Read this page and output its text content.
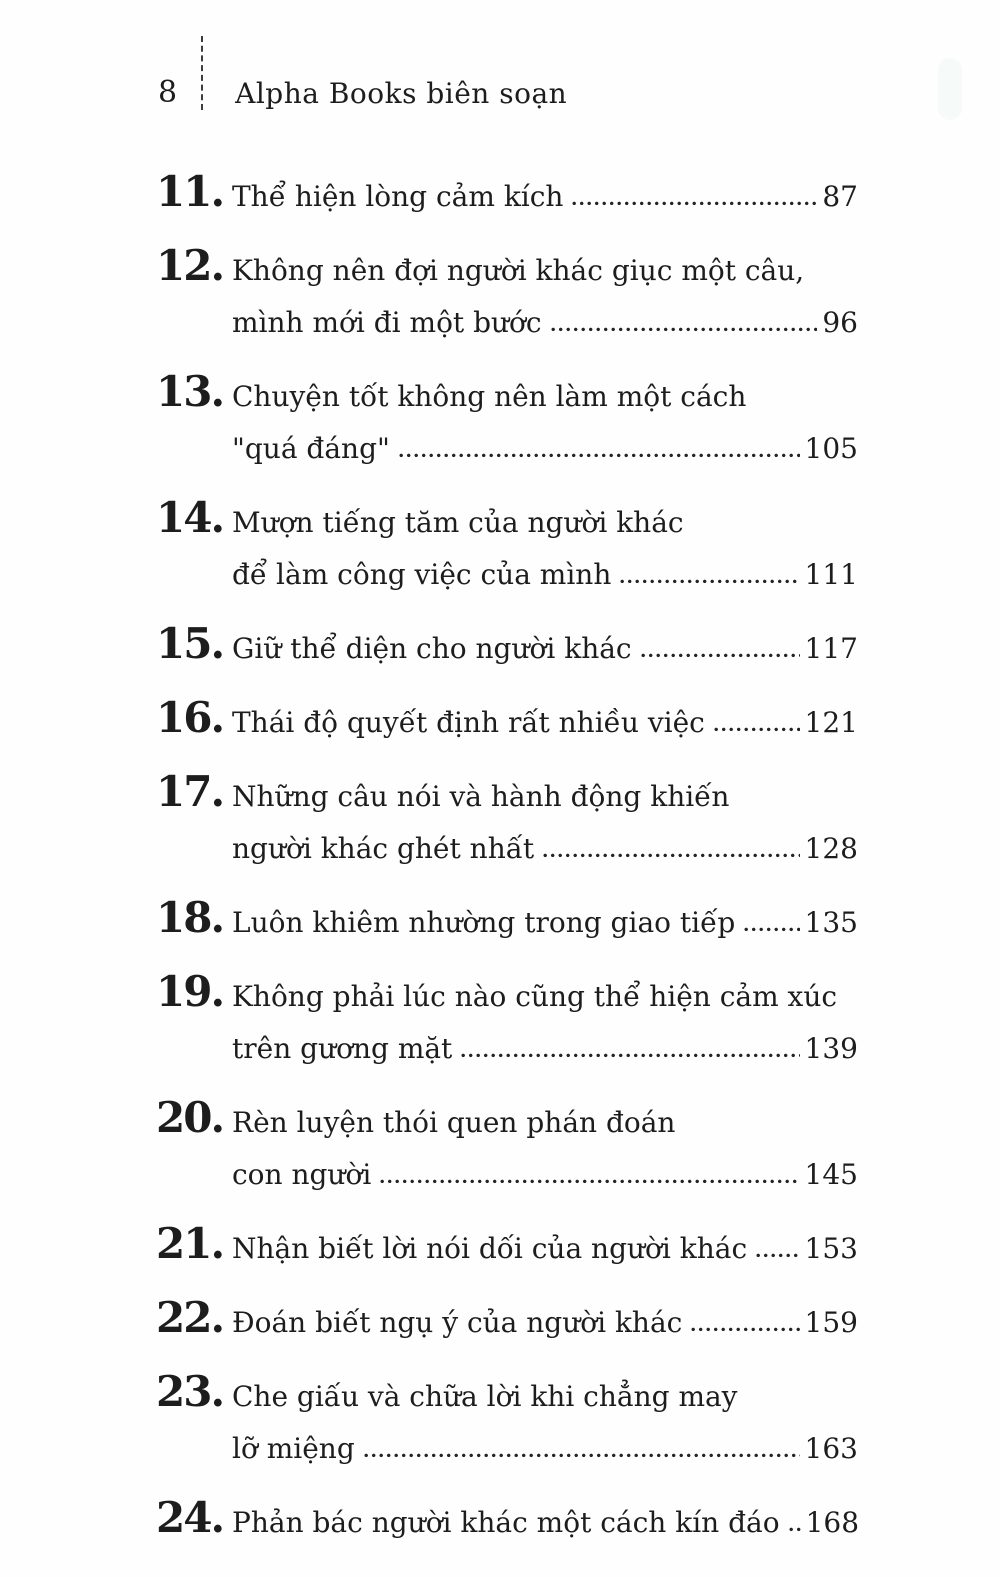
8 Alpha Books biên soạn
11. Thể hiện lòng cảm kích	87
12. Không nên đợi người khác giục một câu,
mình mới đi một bước	96
13. Chuyện tốt không nên làm một cách
"quá đáng"	105
14. Mượn tiếng tăm của người khác
để làm công việc của mình	111
15. Giữ thể diện cho người khác	117
16. Thái độ quyết định rất nhiều việc	121
17. Những câu nói và hành động khiến
người khác ghét nhất	128
18. Luôn khiêm nhường trong giao tiếp 135
19. Không phải lúc nào cũng thể hiện cảm xúc
trên gương mặt	139
20. Rèn luyện thói quen phán đoán
con người	145
21. Nhận biết lời nói dối của người khác 153
22. Đoán biết ngụ ý của người khác	159
23. Che giấu và chữa lời khi chẳng may
lỡ miệng	163
24. Phản bác người khác một cách kín đáo 168
